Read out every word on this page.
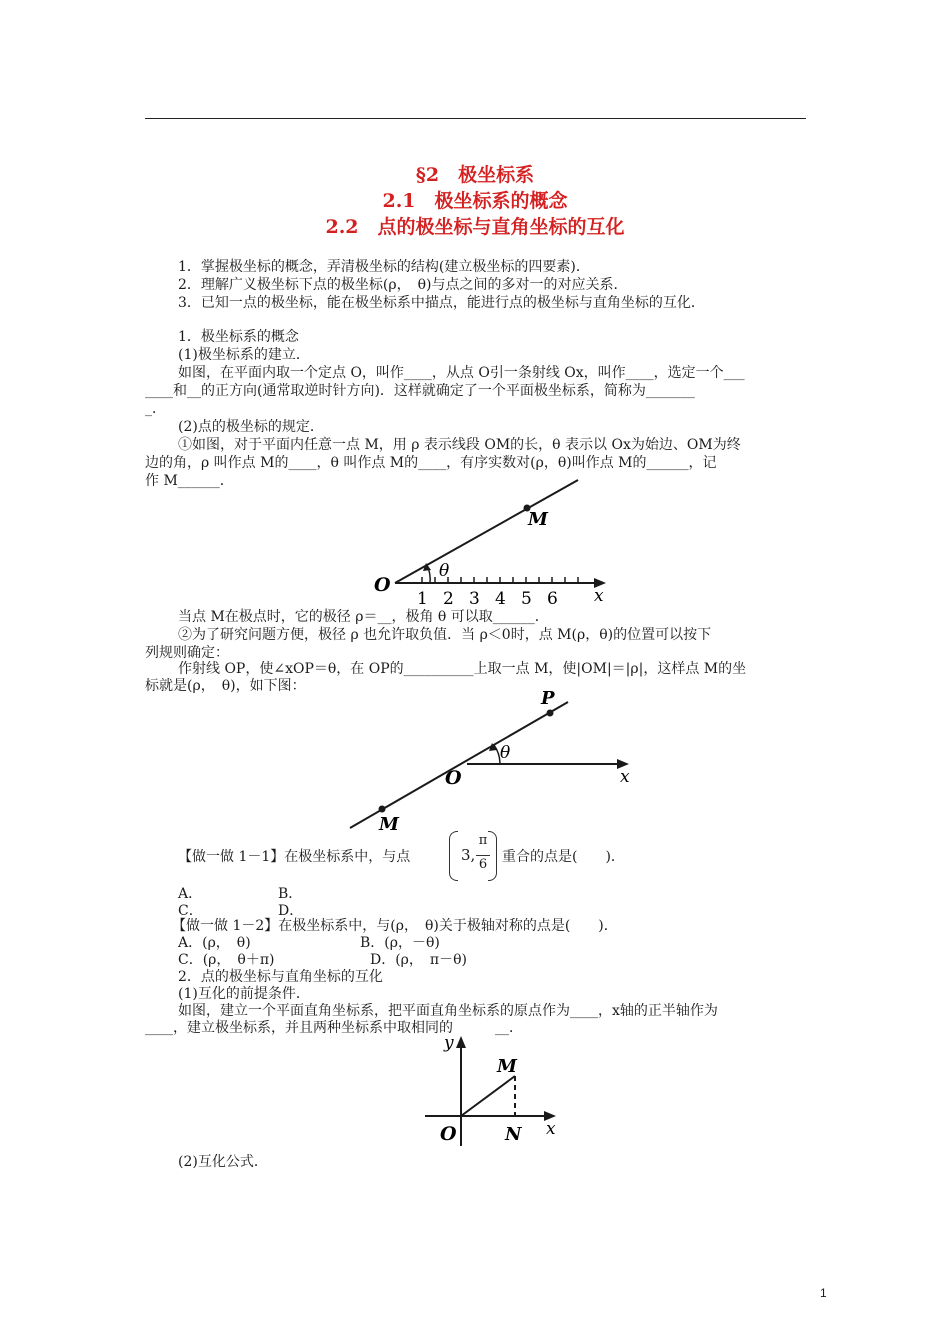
§2　极坐标系
2.1　极坐标系的概念
2.2　点的极坐标与直角坐标的互化
1．掌握极坐标的概念，弄清极坐标的结构(建立极坐标的四要素)．
2．理解广义极坐标下点的极坐标(ρ，　θ)与点之间的多对一的对应关系．
3．已知一点的极坐标，能在极坐标系中描点，能进行点的极坐标与直角坐标的互化．
1．极坐标系的概念
(1)极坐标系的建立．
如图，在平面内取一个定点 O，叫作____，从点 O引一条射线 Ox，叫作____，选定一个___
____和__的正方向(通常取逆时针方向)．这样就确定了一个平面极坐标系，简称为_______
_．
(2)点的极坐标的规定．
①如图，对于平面内任意一点 M，用 ρ 表示线段 OM的长，θ 表示以 Ox为始边、OM为终
边的角，ρ 叫作点 M的____，θ 叫作点 M的____，有序实数对(ρ，θ)叫作点 M的______，记
作 M______．
M
O
θ
x
1 2 3 4 5 6
当点 M在极点时，它的极径 ρ＝__，极角 θ 可以取______．
②为了研究问题方便，极径 ρ 也允许取负值．当 ρ＜0时，点 M(ρ，θ)的位置可以按下
列规则确定：
作射线 OP，使∠xOP＝θ，在 OP的__________上取一点 M，使|OM|＝|ρ|，这样点 M的坐
标就是(ρ，　θ)，如下图：
P
O
θ
x
M
【做一做 1－1】在极坐标系中，与点	3,
π
6 重合的点是(　　)．
A．	B．
C．	D．
【做一做 1－2】在极坐标系中，与(ρ，　θ)关于极轴对称的点是(　　)．
A．(ρ，　θ)	B．(ρ，－θ)
C．(ρ，　θ＋π)	D．(ρ，　π－θ)
2．点的极坐标与直角坐标的互化
(1)互化的前提条件．
如图，建立一个平面直角坐标系，把平面直角坐标系的原点作为____，x轴的正半轴作为
____，建立极坐标系，并且两种坐标系中取相同的　　　__．
y
M
O	N x
(2)互化公式．
1
